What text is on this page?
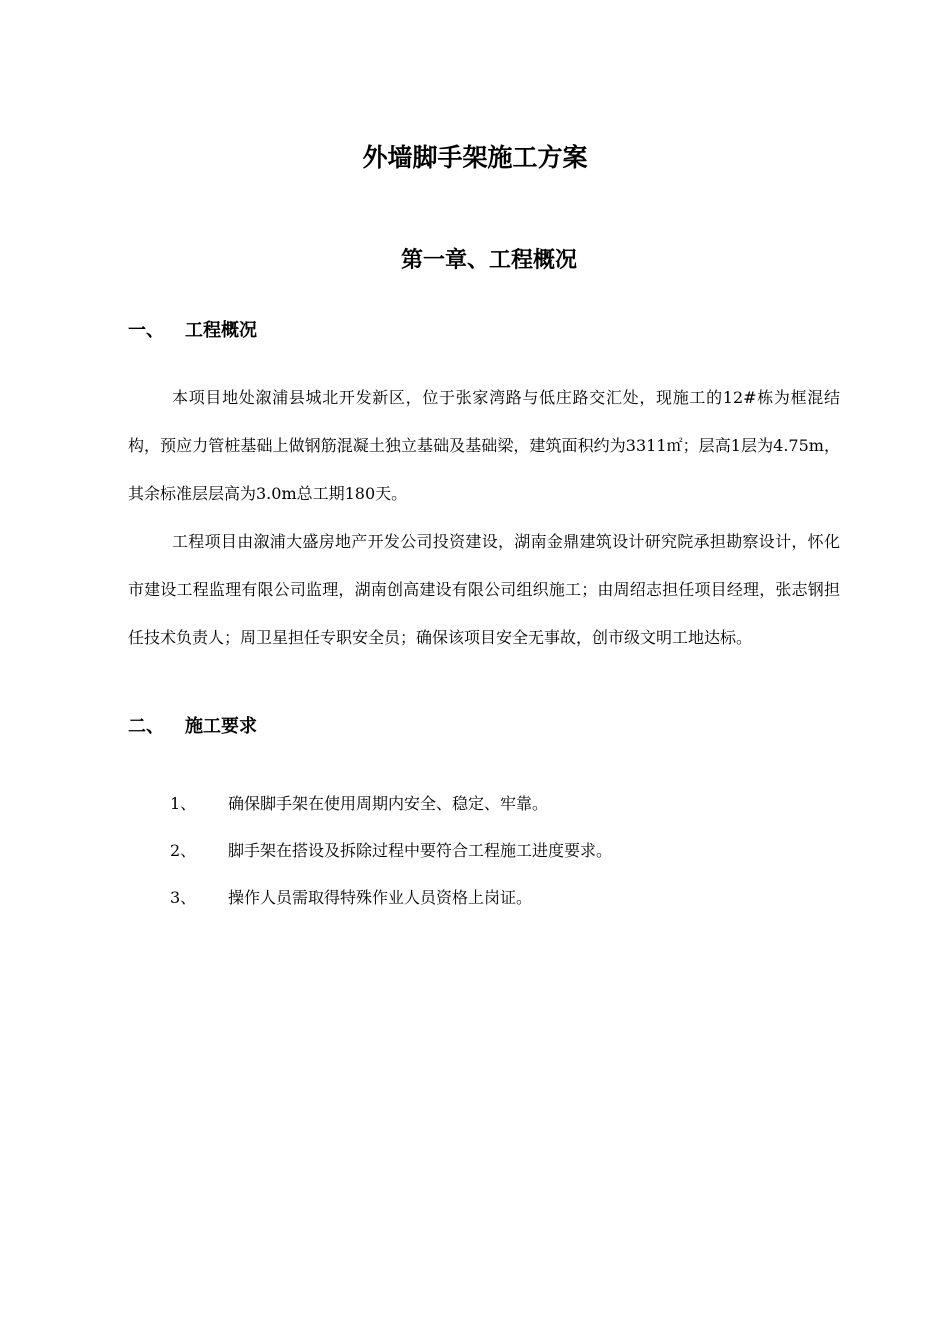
外墙脚手架施工方案
第一章、工程概况
一、 工程概况

本项目地处溆浦县城北开发新区，位于张家湾路与低庄路交汇处，现施工的12#栋为框混结构，预应力管桩基础上做钢筋混凝土独立基础及基础梁，建筑面积约为3311㎡；层高1层为4.75m，其余标准层层高为3.0m总工期180天。

工程项目由溆浦大盛房地产开发公司投资建设，湖南金鼎建筑设计研究院承担勘察设计，怀化市建设工程监理有限公司监理，湖南创高建设有限公司组织施工；由周绍志担任项目经理，张志钢担任技术负责人；周卫星担任专职安全员；确保该项目安全无事故，创市级文明工地达标。

二、 施工要求
1、 确保脚手架在使用周期内安全、稳定、牢靠。
2、 脚手架在搭设及拆除过程中要符合工程施工进度要求。
3、 操作人员需取得特殊作业人员资格上岗证。
